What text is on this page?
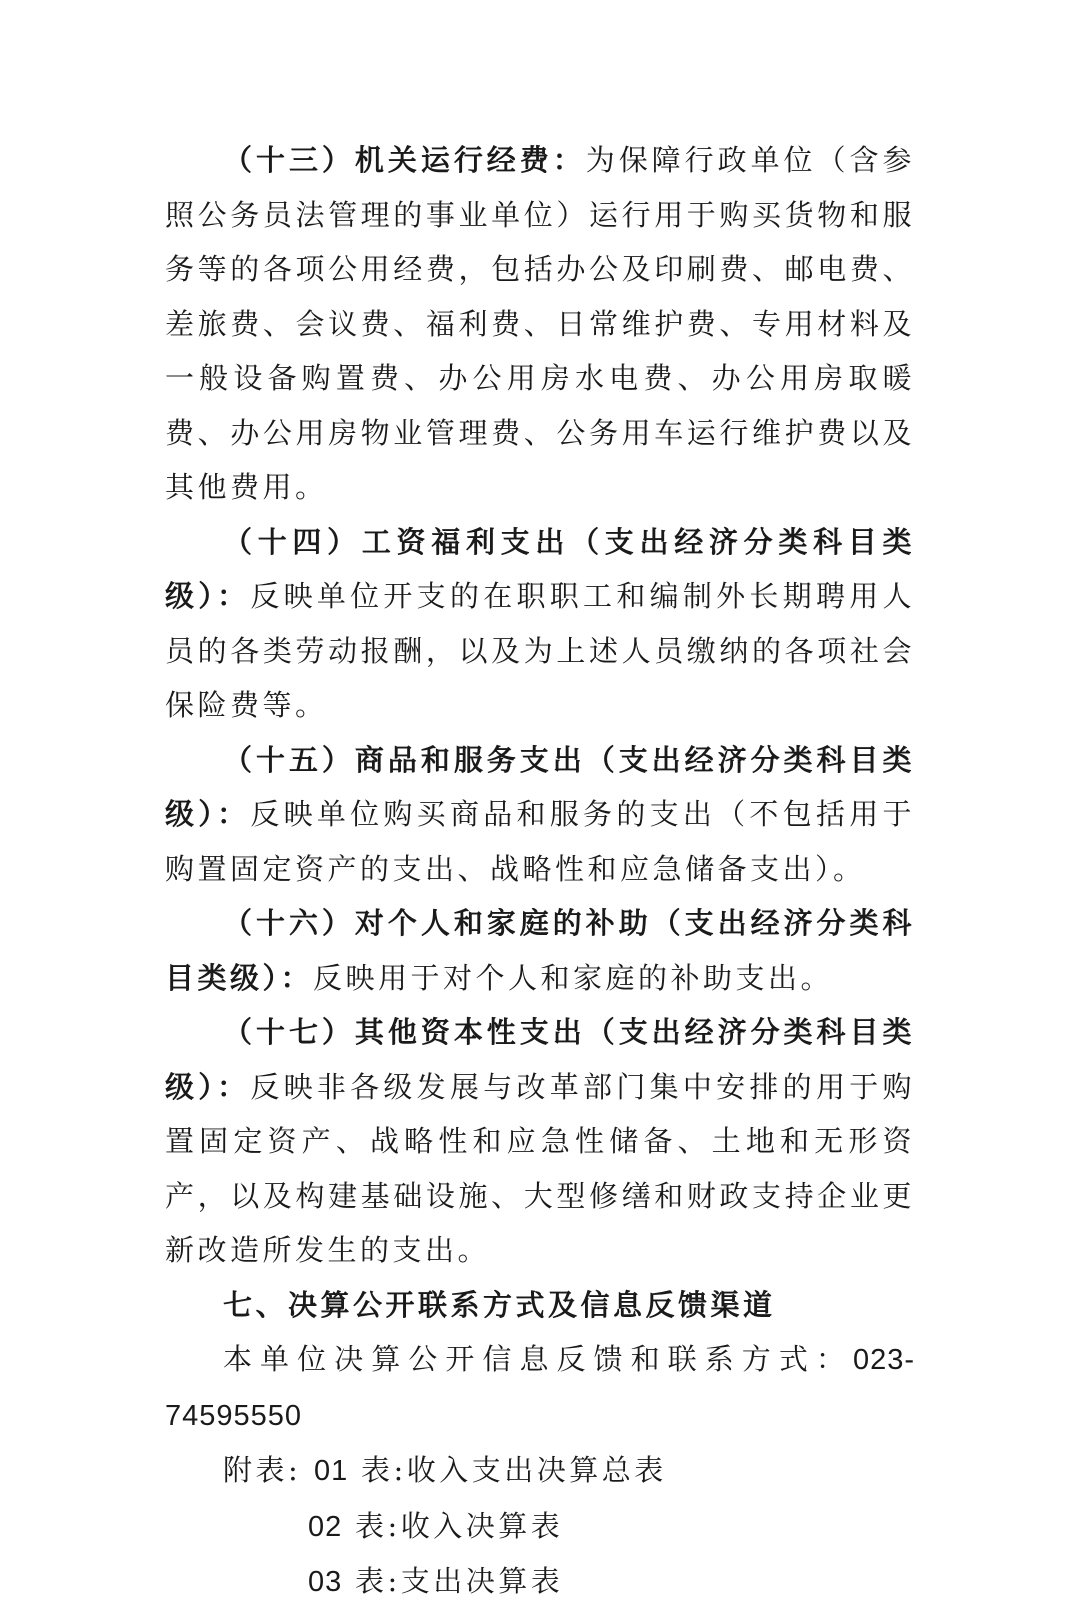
（十三）机关运行经费：为保障行政单位（含参照公务员法管理的事业单位）运行用于购买货物和服务等的各项公用经费，包括办公及印刷费、邮电费、差旅费、会议费、福利费、日常维护费、专用材料及一般设备购置费、办公用房水电费、办公用房取暖费、办公用房物业管理费、公务用车运行维护费以及其他费用。

（十四）工资福利支出（支出经济分类科目类级）：反映单位开支的在职职工和编制外长期聘用人员的各类劳动报酬，以及为上述人员缴纳的各项社会保险费等。

（十五）商品和服务支出（支出经济分类科目类级）：反映单位购买商品和服务的支出（不包括用于购置固定资产的支出、战略性和应急储备支出）。

（十六）对个人和家庭的补助（支出经济分类科目类级）：反映用于对个人和家庭的补助支出。

（十七）其他资本性支出（支出经济分类科目类级）：反映非各级发展与改革部门集中安排的用于购置固定资产、战略性和应急性储备、土地和无形资产，以及构建基础设施、大型修缮和财政支持企业更新改造所发生的支出。

七、决算公开联系方式及信息反馈渠道

本单位决算公开信息反馈和联系方式：023-74595550

附表: 01 表:收入支出决算总表

02 表:收入决算表

03 表:支出决算表
